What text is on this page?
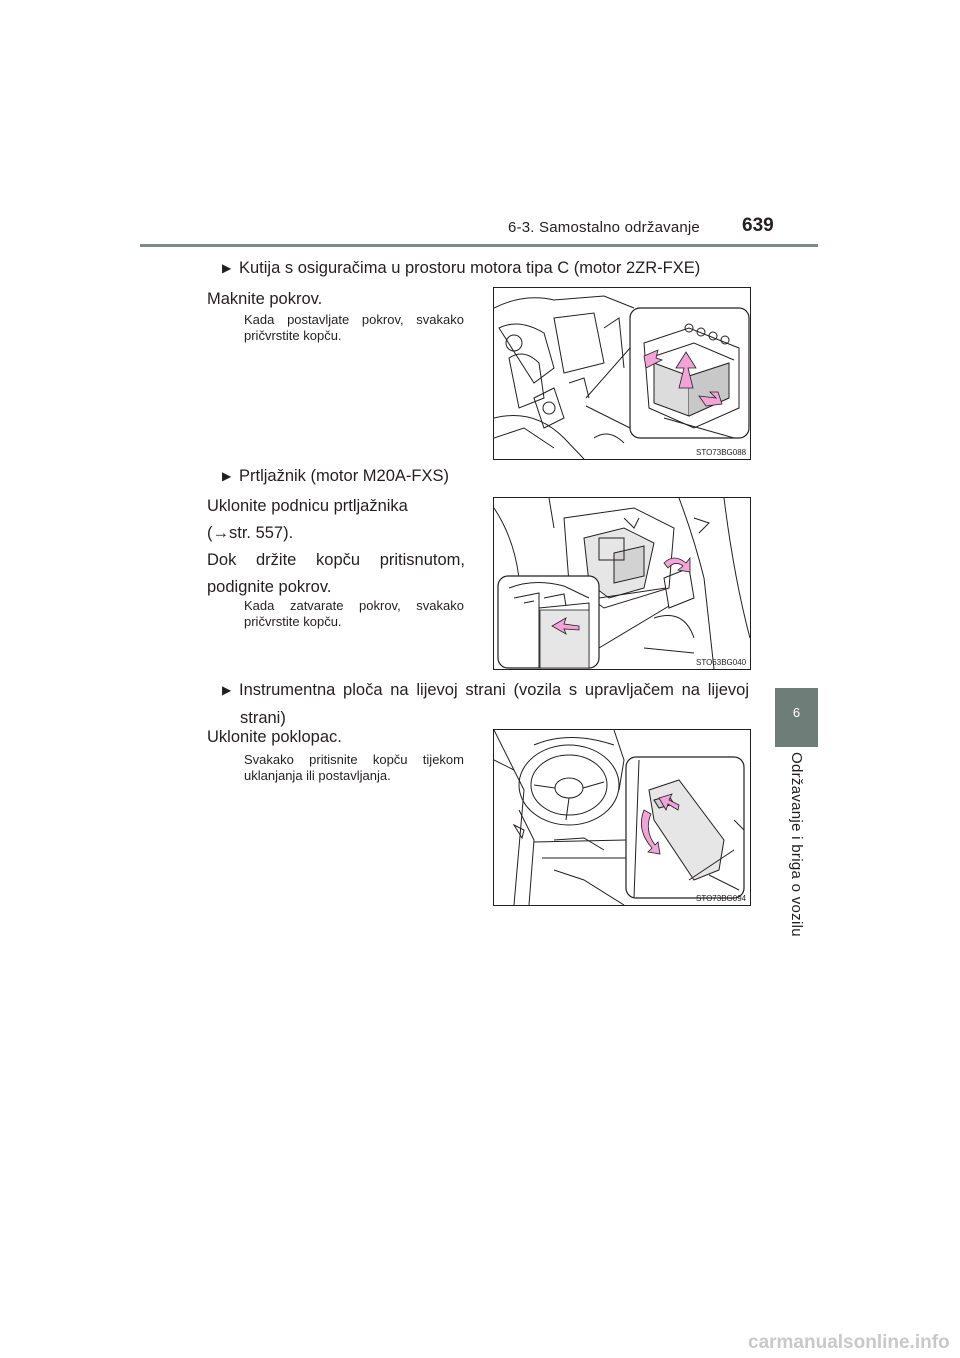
6-3. Samostalno održavanje 639
6
Održavanje i briga o vozilu
▶ Kutija s osiguračima u prostoru motora tipa C (motor 2ZR-FXE)
Maknite pokrov.
Kada postavljate pokrov, svakako pričvrstite kopču.
STO73BG088
▶ Prtljažnik (motor M20A-FXS)
Uklonite podnicu prtljažnika
(→str. 557).
Dok držite kopču pritisnutom,
podignite pokrov.
Kada zatvarate pokrov, svakako pričvrstite kopču.
STO63BG040
▶ Instrumentna ploča na lijevoj strani (vozila s upravljačem na lijevoj
strani)
Uklonite poklopac.
Svakako pritisnite kopču tijekom uklanjanja ili postavljanja.
STO73BG094
carmanualsonline.info
